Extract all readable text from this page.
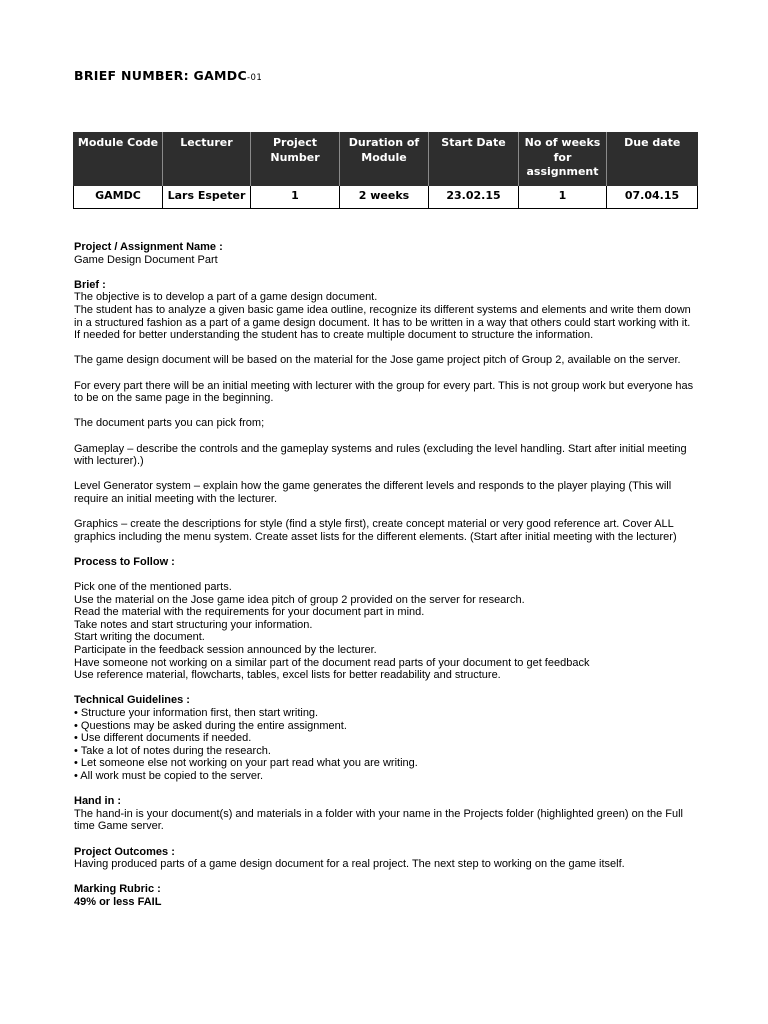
BRIEF NUMBER: GAMDC-01
Module Code	Lecturer	Project Number	Duration of Module	Start Date	No of weeks for assignment	Due date
GAMDC	Lars Espeter	1	2 weeks	23.02.15	1	07.04.15

Project / Assignment Name :

Game Design Document Part

Brief :

The objective is to develop a part of a game design document.

The student has to analyze a given basic game idea outline, recognize its different systems and elements and write them down in a structured fashion as a part of a game design document. It has to be written in a way that others could start working with it. If needed for better understanding the student has to create multiple document to structure the information.

The game design document will be based on the material for the Jose game project pitch of Group 2, available on the server.

For every part there will be an initial meeting with lecturer with the group for every part. This is not group work but everyone has to be on the same page in the beginning.

The document parts you can pick from;

Gameplay – describe the controls and the gameplay systems and rules (excluding the level handling. Start after initial meeting with lecturer).)

Level Generator system – explain how the game generates the different levels and responds to the player playing (This will require an initial meeting with the lecturer.

Graphics – create the descriptions for style (find a style first), create concept material or very good reference art. Cover ALL graphics including the menu system. Create asset lists for the different elements. (Start after initial meeting with the lecturer)

Process to Follow :

Pick one of the mentioned parts.

Use the material on the Jose game idea pitch of group 2 provided on the server for research.

Read the material with the requirements for your document part in mind.

Take notes and start structuring your information.

Start writing the document.

Participate in the feedback session announced by the lecturer.

Have someone not working on a similar part of the document read parts of your document to get feedback

Use reference material, flowcharts, tables, excel lists for better readability and structure.

Technical Guidelines :

• Structure your information first, then start writing.

• Questions may be asked during the entire assignment.

• Use different documents if needed.

• Take a lot of notes during the research.

• Let someone else not working on your part read what you are writing.

• All work must be copied to the server.

Hand in :

The hand-in is your document(s) and materials in a folder with your name in the Projects folder (highlighted green) on the Full time Game server.

Project Outcomes :

Having produced parts of a game design document for a real project. The next step to working on the game itself.

Marking Rubric :

49% or less FAIL
